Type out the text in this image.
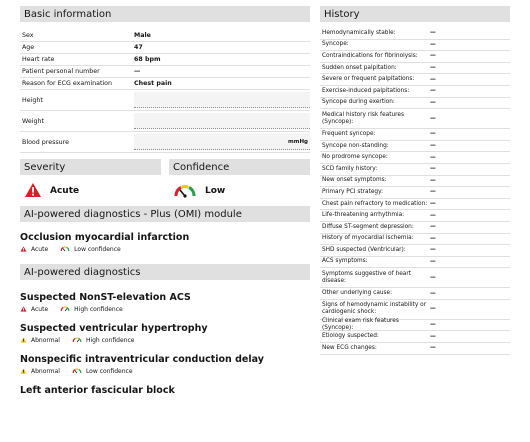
Basic information
Sex	Male
Age	47
Heart rate	68 bpm
Patient personal number	—
Reason for ECG examination	Chest pain
Height
Weight
Blood pressure	mmHg
Severity
Acute
Confidence
Low
AI-powered diagnostics - Plus (OMI) module
Occlusion myocardial infarction
Acute	Low confidence
AI-powered diagnostics
Suspected NonST-elevation ACS
Acute	High confidence
Suspected ventricular hypertrophy
Abnormal	High confidence
Nonspecific intraventricular conduction delay
Abnormal	Low confidence
Left anterior fascicular block
History
Hemodynamically stable:	—
Syncope:	—
Contraindications for fibrinolysis:	—
Sudden onset palpitation:	—
Severe or frequent palpitations:	—
Exercise-induced palpitations:	—
Syncope during exertion:	—
Medical history risk features (Syncope):	—
Frequent syncope:	—
Syncope non-standing:	—
No prodrome syncope:	—
SCD family history:	—
New onset symptoms:	—
Primary PCI strategy:	—
Chest pain refractory to medication: —
Life-threatening arrhythmia:	—
Diffuse ST-segment depression:	—
History of myocardial ischemia:	—
SHD suspected (Ventricular):	—
ACS symptoms:	—
Symptoms suggestive of heart disease:	—
Other underlying cause:	—
Signs of hemodynamic instability or cardiogenic shock:	—
Clinical exam risk features (Syncope):	—
Etiology suspected:	—
New ECG changes:	—
